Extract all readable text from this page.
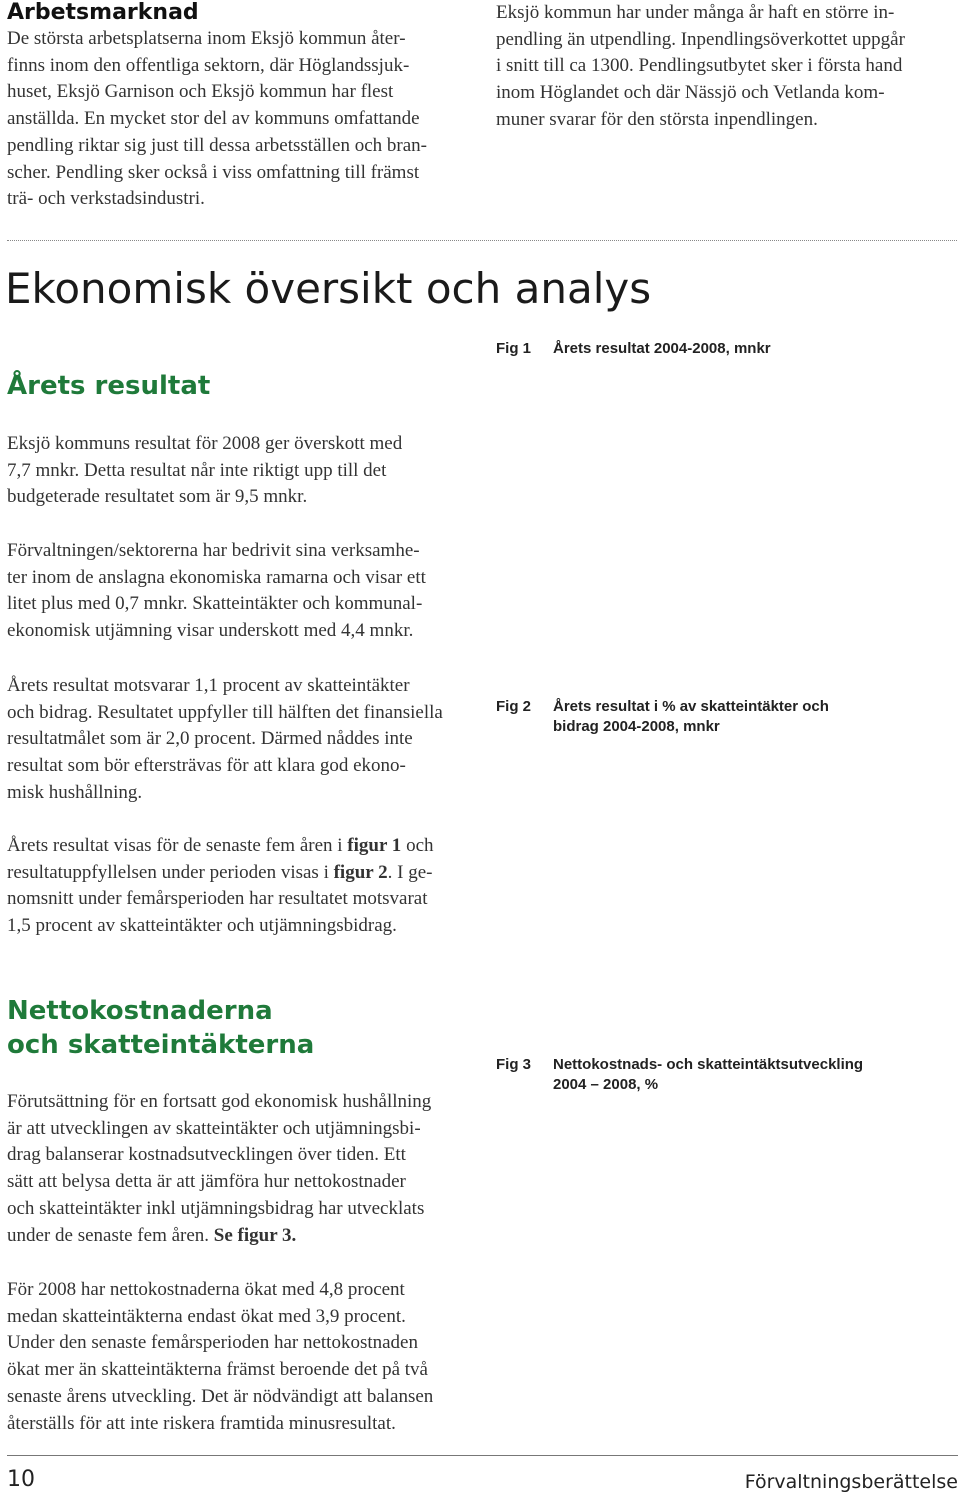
Arbetsmarknad
De största arbetsplatserna inom Eksjö kommun åter-
finns inom den offentliga sektorn, där Höglandssjuk-
huset, Eksjö Garnison och Eksjö kommun har flest
anställda. En mycket stor del av kommuns omfattande
pendling riktar sig just till dessa arbetsställen och bran-
scher. Pendling sker också i viss omfattning till främst
trä- och verkstadsindustri.
Eksjö kommun har under många år haft en större in-
pendling än utpendling. Inpendlingsöverkottet uppgår
i snitt till ca 1300. Pendlingsutbytet sker i första hand
inom Höglandet och där Nässjö och Vetlanda kom-
muner svarar för den största inpendlingen.
Ekonomisk översikt och analys
Årets resultat
Eksjö kommuns resultat för 2008 ger överskott med
7,7 mnkr. Detta resultat når inte riktigt upp till det
budgeterade resultatet som är 9,5 mnkr.
Förvaltningen/sektorerna har bedrivit sina verksamhe-
ter inom de anslagna ekonomiska ramarna och visar ett
litet plus med 0,7 mnkr. Skatteintäkter och kommunal-
ekonomisk utjämning visar underskott med 4,4 mnkr.
Årets resultat motsvarar 1,1 procent av skatteintäkter
och bidrag. Resultatet uppfyller till hälften det finansiella
resultatmålet som är 2,0 procent. Därmed nåddes inte
resultat som bör eftersträvas för att klara god ekono-
misk hushållning.
Årets resultat visas för de senaste fem åren i figur 1 och
resultatuppfyllelsen under perioden visas i figur 2. I ge-
nomsnitt under femårsperioden har resultatet motsvarat
1,5 procent av skatteintäkter och utjämningsbidrag.
Nettokostnaderna
och skatteintäkterna
Förutsättning för en fortsatt god ekonomisk hushållning
är att utvecklingen av skatteintäkter och utjämningsbi-
drag balanserar kostnadsutvecklingen över tiden. Ett
sätt att belysa detta är att jämföra hur nettokostnader
och skatteintäkter inkl utjämningsbidrag har utvecklats
under de senaste fem åren. Se figur 3.
För 2008 har nettokostnaderna ökat med 4,8 procent
medan skatteintäkterna endast ökat med 3,9 procent.
Under den senaste femårsperioden har nettokostnaden
ökat mer än skatteintäkterna främst beroende det på två
senaste årens utveckling. Det är nödvändigt att balansen
återställs för att inte riskera framtida minusresultat.
Fig 1 Årets resultat 2004-2008, mnkr
Fig 2 Årets resultat i % av skatteintäkter och
bidrag 2004-2008, mnkr
Fig 3 Nettokostnads- och skatteintäktsutveckling
2004 – 2008, %
10	Förvaltningsberättelse
